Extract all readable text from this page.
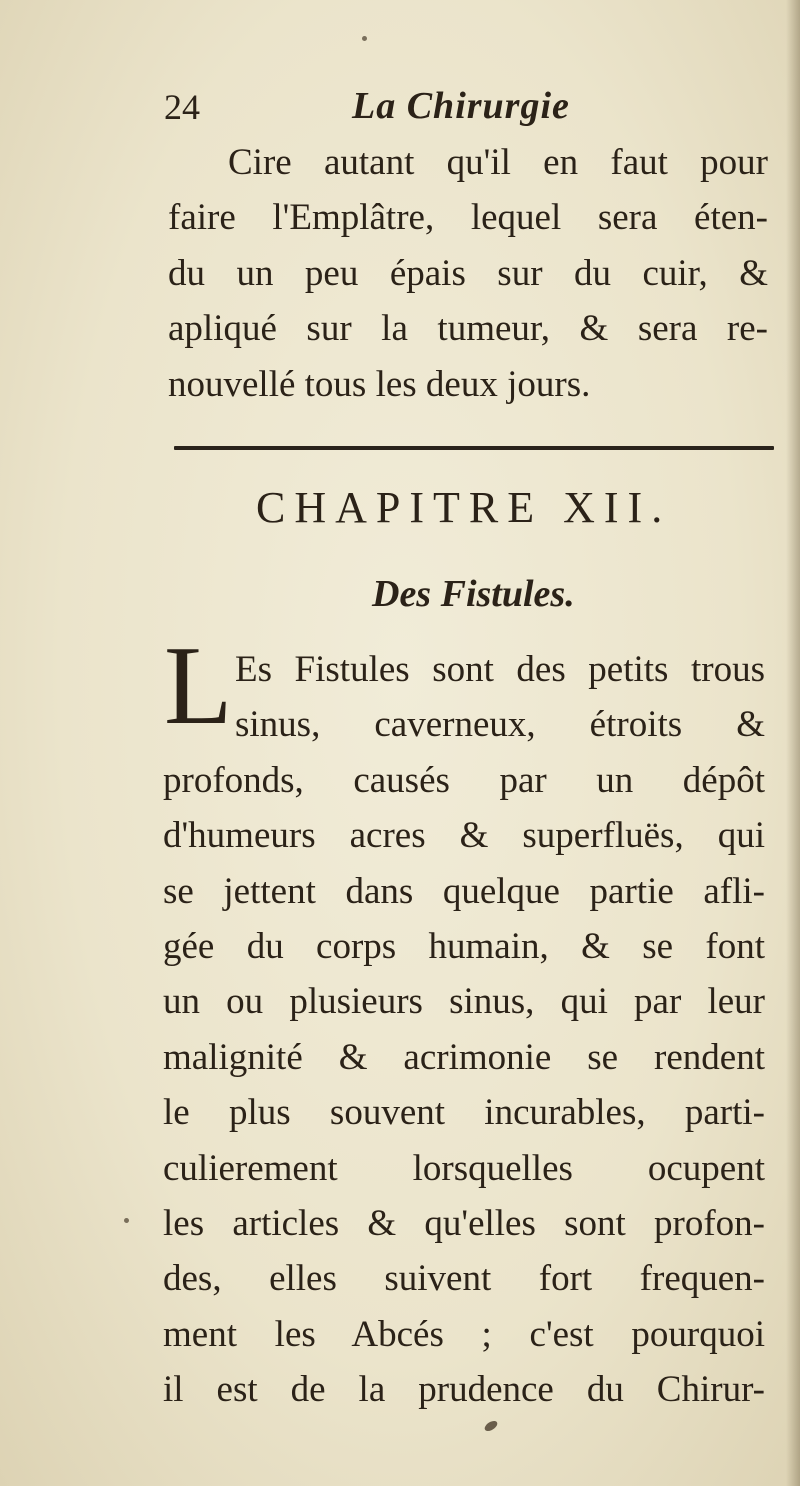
24	La Chirurgie
Cire autant qu'il en faut pour
faire l'Emplâtre, lequel sera éten-
du un peu épais sur du cuir, &
apliqué sur la tumeur, & sera re-
nouvellé tous les deux jours.
CHAPITRE XII.
Des Fistules.
L Es Fistules sont des petits trous
sinus, caverneux, étroits &
profonds, causés par un dépôt
d'humeurs acres & superfluës, qui
se jettent dans quelque partie afli-
gée du corps humain, & se font
un ou plusieurs sinus, qui par leur
malignité & acrimonie se rendent
le plus souvent incurables, parti-
culierement lorsquelles ocupent
les articles & qu'elles sont profon-
des, elles suivent fort frequen-
ment les Abcés ; c'est pourquoi
il est de la prudence du Chirur-
